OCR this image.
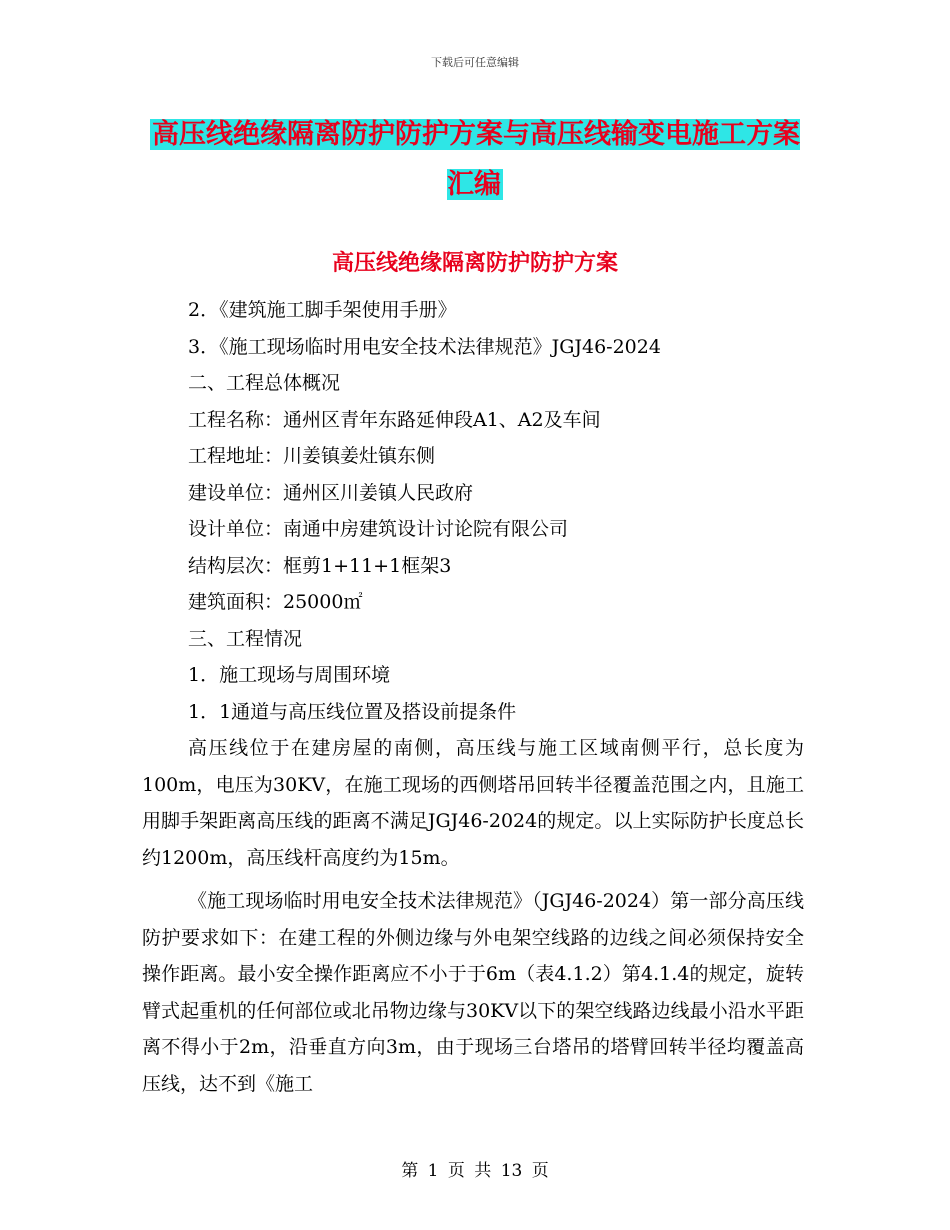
下载后可任意编辑
高压线绝缘隔离防护防护方案与高压线输变电施工方案汇编
高压线绝缘隔离防护防护方案

2．《建筑施工脚手架使用手册》

3．《施工现场临时用电安全技术法律规范》JGJ46-2024

二、工程总体概况

工程名称：通州区青年东路延伸段A1、A2及车间

工程地址：川姜镇姜灶镇东侧

建设单位：通州区川姜镇人民政府

设计单位：南通中房建筑设计讨论院有限公司

结构层次：框剪1+11+1框架3

建筑面积：25000㎡

三、工程情况

1．施工现场与周围环境

1．1通道与高压线位置及搭设前提条件

高压线位于在建房屋的南侧，高压线与施工区域南侧平行，总长度为100m，电压为30KV，在施工现场的西侧塔吊回转半径覆盖范围之内，且施工用脚手架距离高压线的距离不满足JGJ46-2024的规定。以上实际防护长度总长约1200m，高压线杆高度约为15m。

《施工现场临时用电安全技术法律规范》（JGJ46-2024）第一部分高压线防护要求如下：在建工程的外侧边缘与外电架空线路的边线之间必须保持安全操作距离。最小安全操作距离应不小于于6m（表4.1.2）第4.1.4的规定，旋转臂式起重机的任何部位或北吊物边缘与30KV以下的架空线路边线最小沿水平距离不得小于2m，沿垂直方向3m，由于现场三台塔吊的塔臂回转半径均覆盖高压线，达不到《施工

第 1 页 共 13 页
